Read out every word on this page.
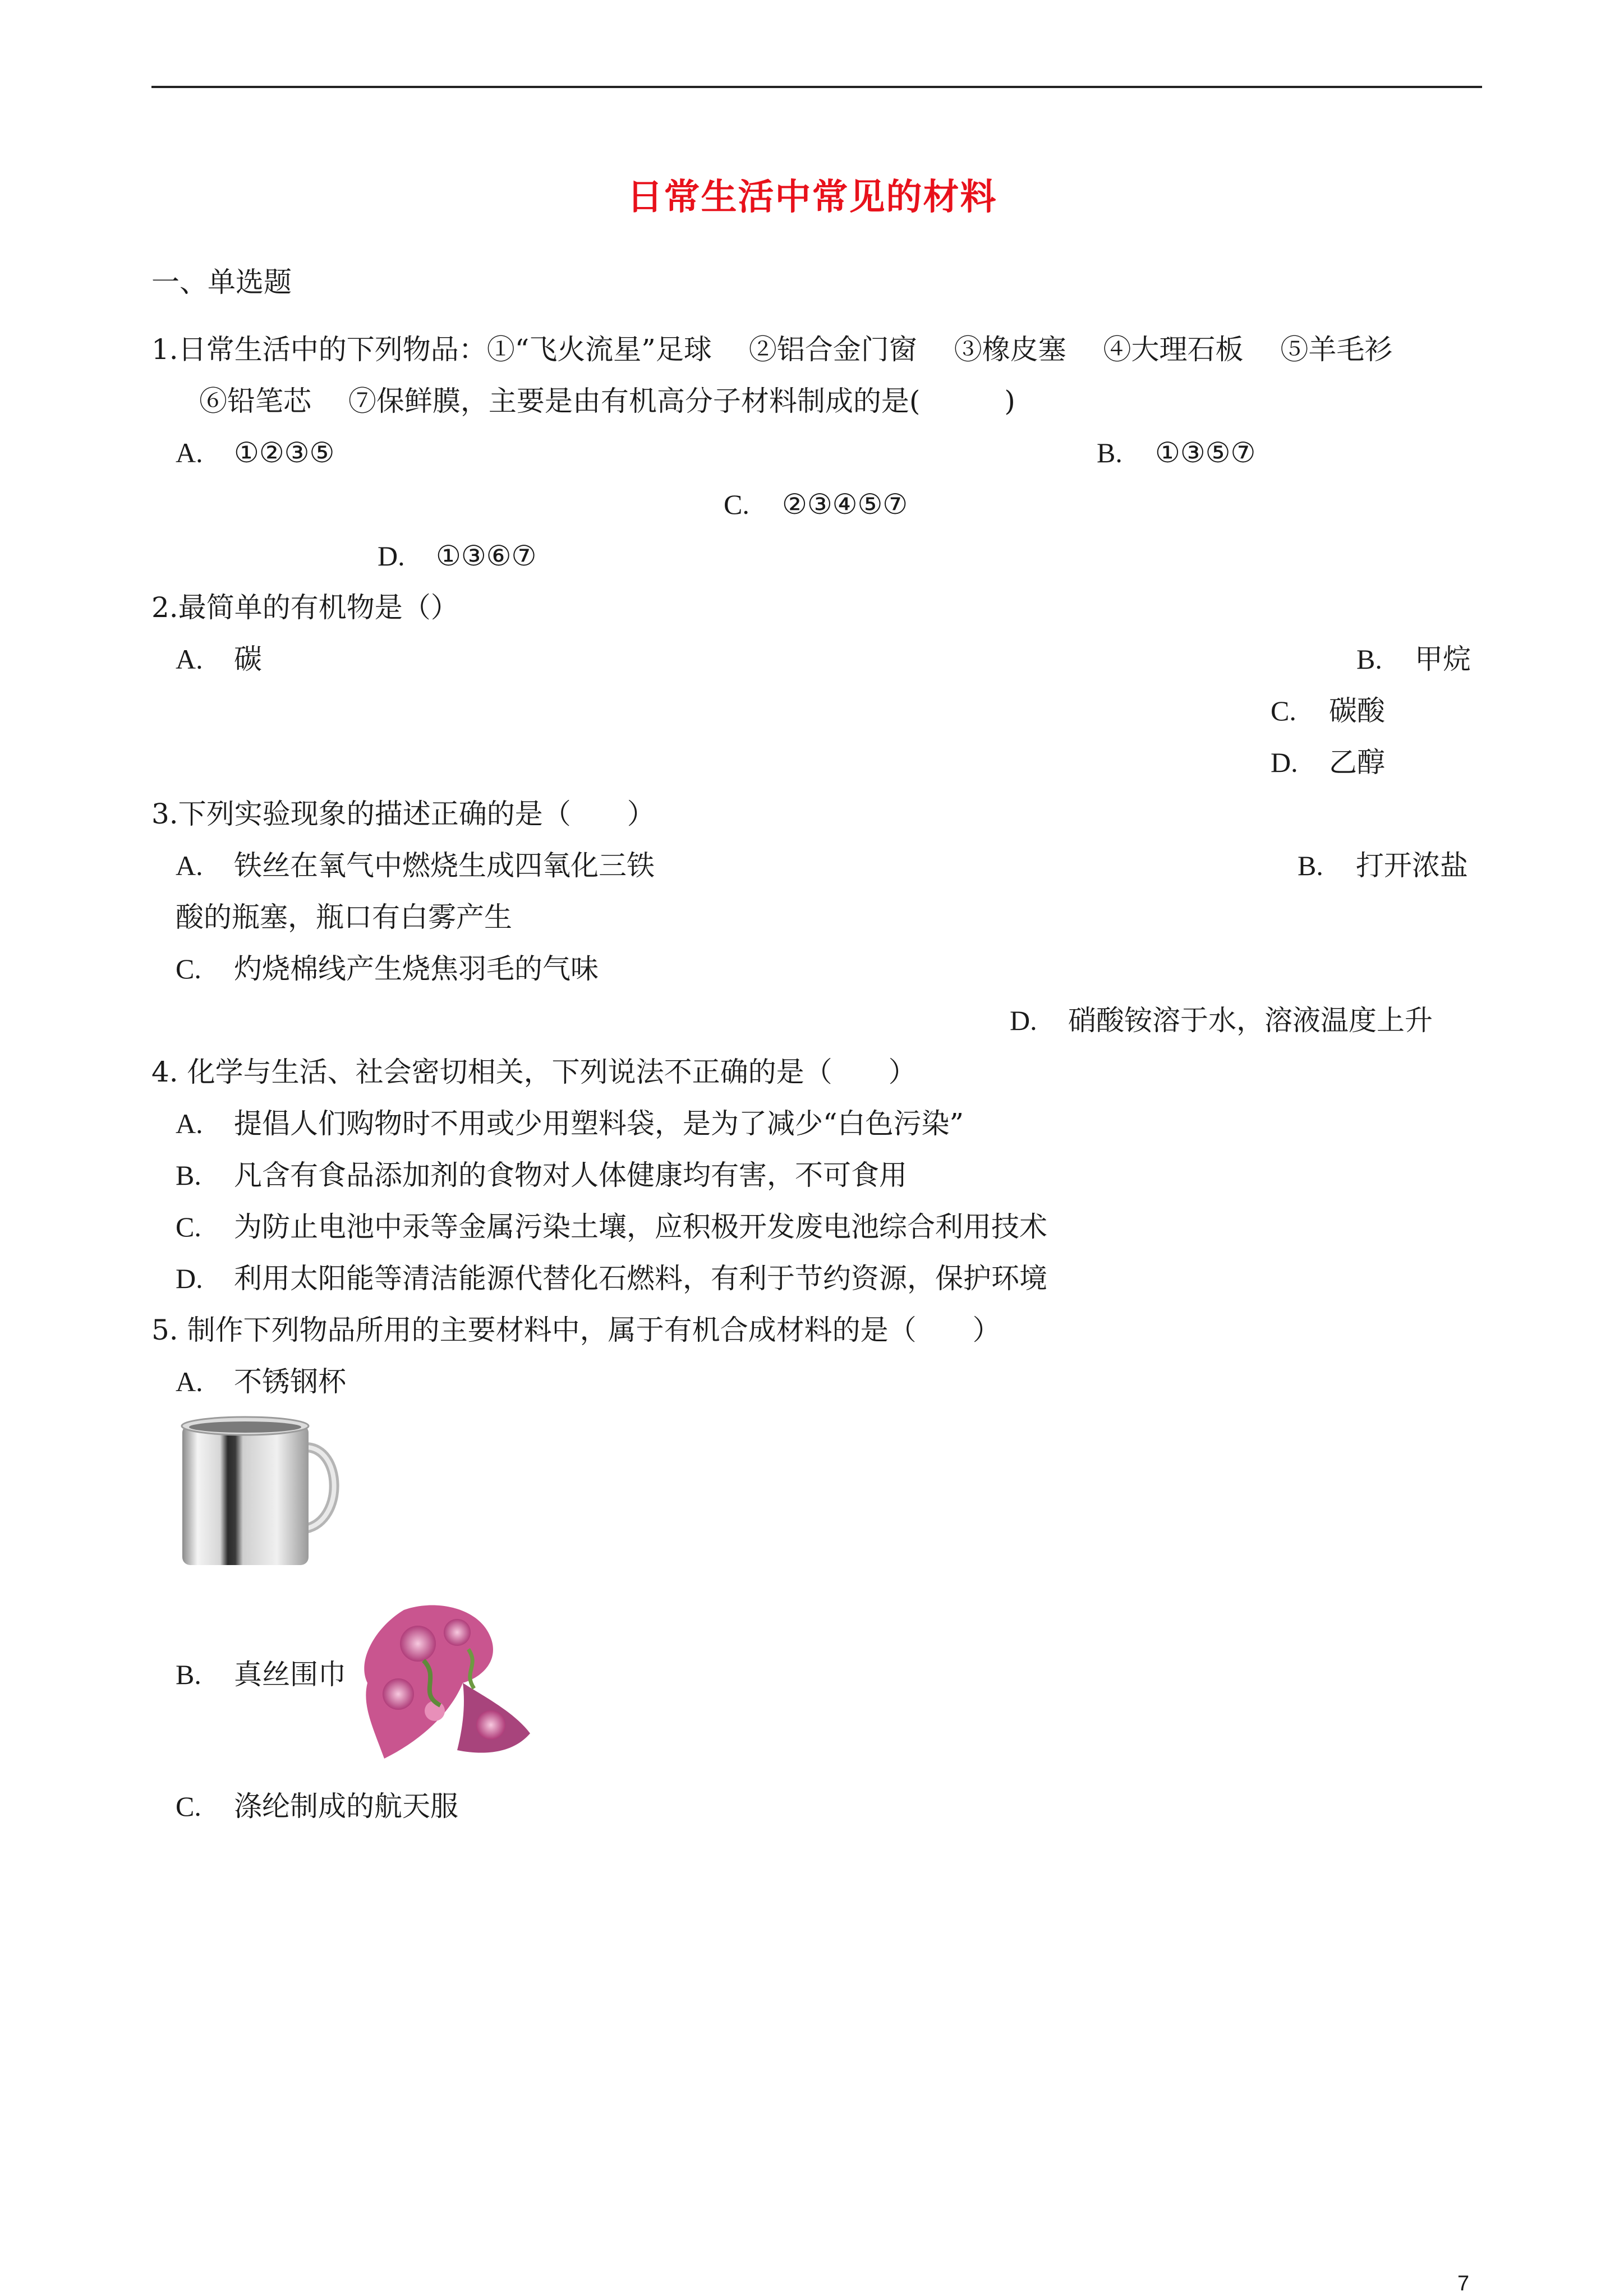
日常生活中常见的材料
一、单选题
1.日常生活中的下列物品：①“飞火流星”足球　 ②铝合金门窗　 ③橡皮塞　 ④大理石板　 ⑤羊毛衫
⑥铅笔芯　 ⑦保鲜膜，主要是由有机高分子材料制成的是(　　　)
A. ①②③⑤	B. ①③⑤⑦
C. ②③④⑤⑦
D. ①③⑥⑦
2.最简单的有机物是（）
A. 碳	B. 甲烷
C. 碳酸
D. 乙醇
3.下列实验现象的描述正确的是（　　）
A. 铁丝在氧气中燃烧生成四氧化三铁	B. 打开浓盐
酸的瓶塞，瓶口有白雾产生
C. 灼烧棉线产生烧焦羽毛的气味
D. 硝酸铵溶于水，溶液温度上升
4. 化学与生活、社会密切相关，下列说法不正确的是（　　）
A. 提倡人们购物时不用或少用塑料袋，是为了减少“白色污染”
B. 凡含有食品添加剂的食物对人体健康均有害，不可食用
C. 为防止电池中汞等金属污染土壤，应积极开发废电池综合利用技术
D. 利用太阳能等清洁能源代替化石燃料，有利于节约资源，保护环境
5. 制作下列物品所用的主要材料中，属于有机合成材料的是（　　）
A. 不锈钢杯
B. 真丝围巾
C. 涤纶制成的航天服
7
